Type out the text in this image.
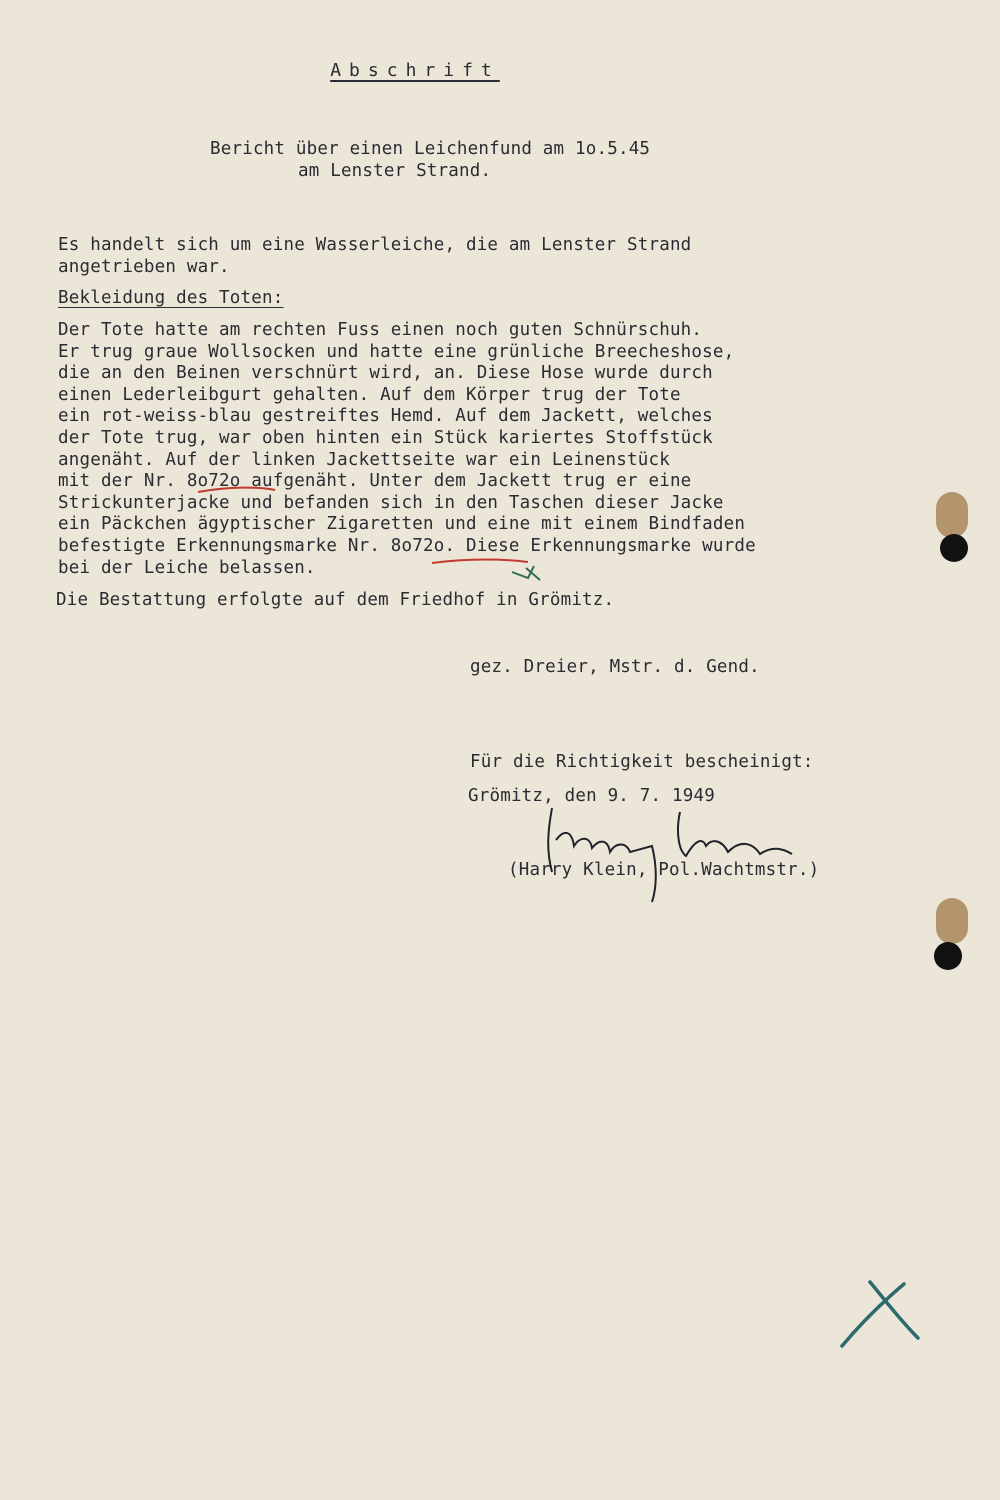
Abschrift
Bericht über einen Leichenfund am 1o.5.45
am Lenster Strand.
Es handelt sich um eine Wasserleiche, die am Lenster Strand
angetrieben war.
Bekleidung des Toten:
Der Tote hatte am rechten Fuss einen noch guten Schnürschuh.
Er trug graue Wollsocken und hatte eine grünliche Breecheshose,
die an den Beinen verschnürt wird, an. Diese Hose wurde durch
einen Lederleibgurt gehalten. Auf dem Körper trug der Tote
ein rot-weiss-blau gestreiftes Hemd. Auf dem Jackett, welches
der Tote trug, war oben hinten ein Stück kariertes Stoffstück
angenäht. Auf der linken Jackettseite war ein Leinenstück
mit der Nr. 8o72o aufgenäht. Unter dem Jackett trug er eine
Strickunterjacke und befanden sich in den Taschen dieser Jacke
ein Päckchen ägyptischer Zigaretten und eine mit einem Bindfaden
befestigte Erkennungsmarke Nr. 8o72o. Diese Erkennungsmarke wurde
bei der Leiche belassen.
Die Bestattung erfolgte auf dem Friedhof in Grömitz.
gez. Dreier, Mstr. d. Gend.
Für die Richtigkeit bescheinigt:
Grömitz, den 9. 7. 1949
(Harry Klein, Pol.Wachtmstr.)
